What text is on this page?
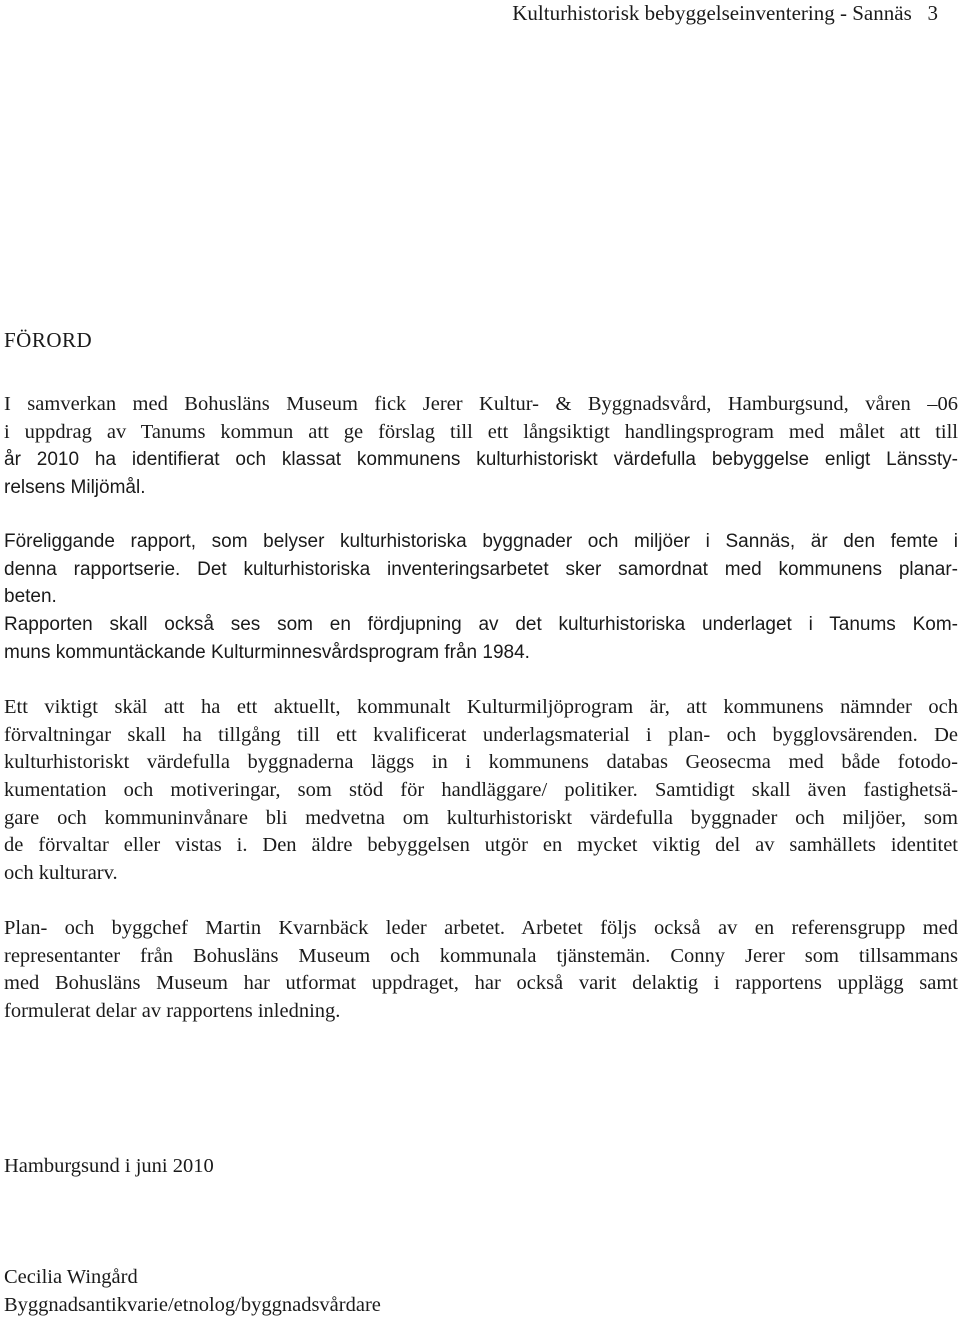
Kulturhistorisk bebyggelseinventering - Sannäs 3
FÖRORD
I samverkan med Bohusläns Museum fick Jerer Kultur- & Byggnadsvård, Hamburgsund, våren –06
i uppdrag av Tanums kommun att ge förslag till ett långsiktigt handlingsprogram med målet att till
år 2010 ha identifierat och klassat kommunens kulturhistoriskt värdefulla bebyggelse enligt Länssty-
relsens Miljömål.
Föreliggande rapport, som belyser kulturhistoriska byggnader och miljöer i Sannäs, är den femte i
denna rapportserie. Det kulturhistoriska inventeringsarbetet sker samordnat med kommunens planar-
beten.
Rapporten skall också ses som en fördjupning av det kulturhistoriska underlaget i Tanums Kom-
muns kommuntäckande Kulturminnesvårdsprogram från 1984.
Ett viktigt skäl att ha ett aktuellt, kommunalt Kulturmiljöprogram är, att kommunens nämnder och
förvaltningar skall ha tillgång till ett kvalificerat underlagsmaterial i plan- och bygglovsärenden. De
kulturhistoriskt värdefulla byggnaderna läggs in i kommunens databas Geosecma med både fotodo-
kumentation och motiveringar, som stöd för handläggare/ politiker. Samtidigt skall även fastighetsä-
gare och kommuninvånare bli medvetna om kulturhistoriskt värdefulla byggnader och miljöer, som
de förvaltar eller vistas i. Den äldre bebyggelsen utgör en mycket viktig del av samhällets identitet
och kulturarv.
Plan- och byggchef Martin Kvarnbäck leder arbetet. Arbetet följs också av en referensgrupp med
representanter från Bohusläns Museum och kommunala tjänstemän. Conny Jerer som tillsammans
med Bohusläns Museum har utformat uppdraget, har också varit delaktig i rapportens upplägg samt
formulerat delar av rapportens inledning.
Hamburgsund i juni 2010
Cecilia Wingård
Byggnadsantikvarie/etnolog/byggnadsvårdare
